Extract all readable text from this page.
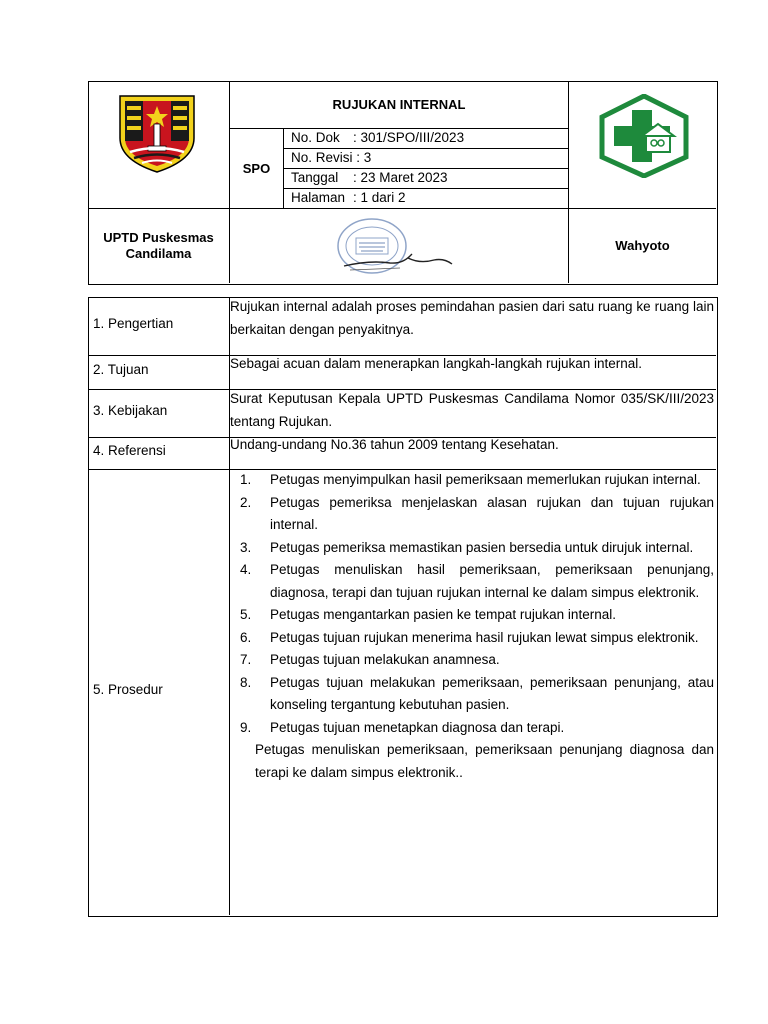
RUJUKAN INTERNAL
SPO
No. Dok : 301/SPO/III/2023
No. Revisi : 3
Tanggal : 23 Maret 2023
Halaman : 1 dari 2
UPTD Puskesmas
Candilama
Wahyoto
1. Pengertian
2. Tujuan
3. Kebijakan
4. Referensi
5. Prosedur
Rujukan internal adalah proses pemindahan pasien dari satu ruang ke ruang lain berkaitan dengan penyakitnya.
Sebagai acuan dalam menerapkan langkah-langkah rujukan internal.
Surat Keputusan Kepala UPTD Puskesmas Candilama Nomor 035/SK/III/2023 tentang Rujukan.
Undang-undang No.36 tahun 2009 tentang Kesehatan.
1. Petugas menyimpulkan hasil pemeriksaan memerlukan rujukan internal.
2. Petugas pemeriksa menjelaskan alasan rujukan dan tujuan rujukan internal.
3. Petugas pemeriksa memastikan pasien bersedia untuk dirujuk internal.
4. Petugas menuliskan hasil pemeriksaan, pemeriksaan penunjang, diagnosa, terapi dan tujuan rujukan internal ke dalam simpus elektronik.
5. Petugas mengantarkan pasien ke tempat rujukan internal.
6. Petugas tujuan rujukan menerima hasil rujukan lewat simpus elektronik.
7. Petugas tujuan melakukan anamnesa.
8. Petugas tujuan melakukan pemeriksaan, pemeriksaan penunjang, atau konseling tergantung kebutuhan pasien.
9. Petugas tujuan menetapkan diagnosa dan terapi.
Petugas menuliskan pemeriksaan, pemeriksaan penunjang diagnosa dan terapi ke dalam simpus elektronik..
